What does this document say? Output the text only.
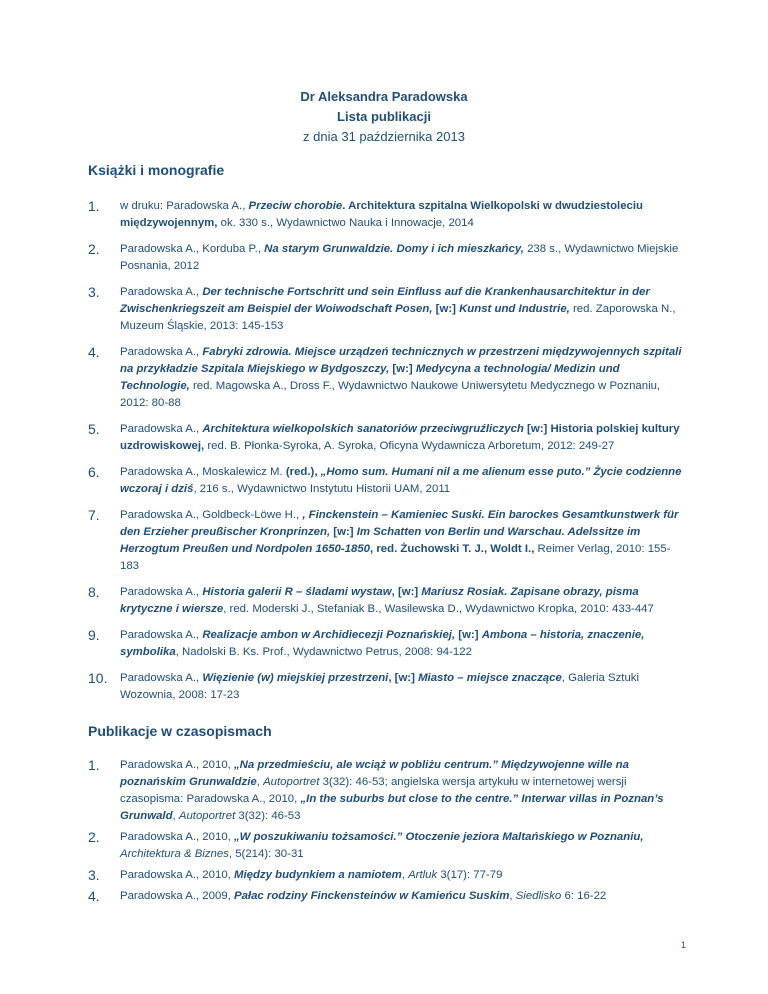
Dr Aleksandra Paradowska
Lista publikacji
z dnia 31 października 2013
Książki i monografie
1. w druku: Paradowska A., Przeciw chorobie. Architektura szpitalna Wielkopolski w dwudziestoleciu międzywojennym, ok. 330 s., Wydawnictwo Nauka i Innowacje, 2014
2. Paradowska A., Korduba P., Na starym Grunwaldzie. Domy i ich mieszkańcy, 238 s., Wydawnictwo Miejskie Posnania, 2012
3. Paradowska A., Der technische Fortschritt und sein Einfluss auf die Krankenhausarchitektur in der Zwischenkriegszeit am Beispiel der Woiwodschaft Posen, [w:] Kunst und Industrie, red. Zaporowska N., Muzeum Śląskie, 2013: 145-153
4. Paradowska A., Fabryki zdrowia. Miejsce urządzeń technicznych w przestrzeni międzywojennych szpitali na przykładzie Szpitala Miejskiego w Bydgoszczy, [w:] Medycyna a technologia/ Medizin und Technologie, red. Magowska A., Dross F., Wydawnictwo Naukowe Uniwersytetu Medycznego w Poznaniu, 2012: 80-88
5. Paradowska A., Architektura wielkopolskich sanatoriów przeciwgruźliczych [w:] Historia polskiej kultury uzdrowiskowej, red. B. Płonka-Syroka, A. Syroka, Oficyna Wydawnicza Arboretum, 2012: 249-27
6. Paradowska A., Moskalewicz M. (red.), „Homo sum. Humani nil a me alienum esse puto.” Życie codzienne wczoraj i dziś, 216 s., Wydawnictwo Instytutu Historii UAM, 2011
7. Paradowska A., Goldbeck-Löwe H., , Finckenstein – Kamieniec Suski. Ein barockes Gesamtkunstwerk für den Erzieher preußischer Kronprinzen, [w:] Im Schatten von Berlin und Warschau. Adelssitze im Herzogtum Preußen und Nordpolen 1650-1850, red. Żuchowski T. J., Woldt I., Reimer Verlag, 2010: 155-183
8. Paradowska A., Historia galerii R – śladami wystaw, [w:] Mariusz Rosiak. Zapisane obrazy, pisma krytyczne i wiersze, red. Moderski J., Stefaniak B., Wasilewska D., Wydawnictwo Kropka, 2010: 433-447
9. Paradowska A., Realizacje ambon w Archidiecezji Poznańskiej, [w:] Ambona – historia, znaczenie, symbolika, Nadolski B. Ks. Prof., Wydawnictwo Petrus, 2008: 94-122
10. Paradowska A., Więzienie (w) miejskiej przestrzeni, [w:] Miasto – miejsce znaczące, Galeria Sztuki Wozownia, 2008: 17-23
Publikacje w czasopismach
1. Paradowska A., 2010, „Na przedmieściu, ale wciąż w pobliżu centrum.” Międzywojenne wille na poznańskim Grunwaldzie, Autoportret 3(32): 46-53; angielska wersja artykułu w internetowej wersji czasopisma: Paradowska A., 2010, „In the suburbs but close to the centre.” Interwar villas in Poznan’s Grunwald, Autoportret 3(32): 46-53
2. Paradowska A., 2010, „W poszukiwaniu tożsamości.” Otoczenie jeziora Maltańskiego w Poznaniu, Architektura & Biznes, 5(214): 30-31
3. Paradowska A., 2010, Między budynkiem a namiotem, Artluk 3(17): 77-79
4. Paradowska A., 2009, Pałac rodziny Finckensteinów w Kamieńcu Suskim, Siedlisko 6: 16-22
1
